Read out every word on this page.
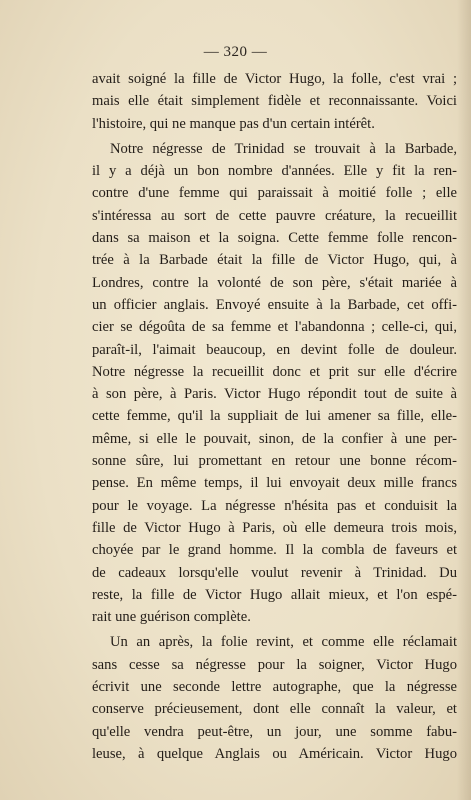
— 320 —
avait soigné la fille de Victor Hugo, la folle, c'est vrai ;
mais elle était simplement fidèle et reconnaissante. Voici
l'histoire, qui ne manque pas d'un certain intérêt.
Notre négresse de Trinidad se trouvait à la Barbade,
il y a déjà un bon nombre d'années. Elle y fit la ren-
contre d'une femme qui paraissait à moitié folle ; elle
s'intéressa au sort de cette pauvre créature, la recueillit
dans sa maison et la soigna. Cette femme folle rencon-
trée à la Barbade était la fille de Victor Hugo, qui, à
Londres, contre la volonté de son père, s'était mariée à
un officier anglais. Envoyé ensuite à la Barbade, cet offi-
cier se dégoûta de sa femme et l'abandonna ; celle-ci, qui,
paraît-il, l'aimait beaucoup, en devint folle de douleur.
Notre négresse la recueillit donc et prit sur elle d'écrire
à son père, à Paris. Victor Hugo répondit tout de suite à
cette femme, qu'il la suppliait de lui amener sa fille, elle-
même, si elle le pouvait, sinon, de la confier à une per-
sonne sûre, lui promettant en retour une bonne récom-
pense. En même temps, il lui envoyait deux mille francs
pour le voyage. La négresse n'hésita pas et conduisit la
fille de Victor Hugo à Paris, où elle demeura trois mois,
choyée par le grand homme. Il la combla de faveurs et
de cadeaux lorsqu'elle voulut revenir à Trinidad. Du
reste, la fille de Victor Hugo allait mieux, et l'on espé-
rait une guérison complète.
Un an après, la folie revint, et comme elle réclamait
sans cesse sa négresse pour la soigner, Victor Hugo
écrivit une seconde lettre autographe, que la négresse
conserve précieusement, dont elle connaît la valeur, et
qu'elle vendra peut-être, un jour, une somme fabu-
leuse, à quelque Anglais ou Américain. Victor Hugo
